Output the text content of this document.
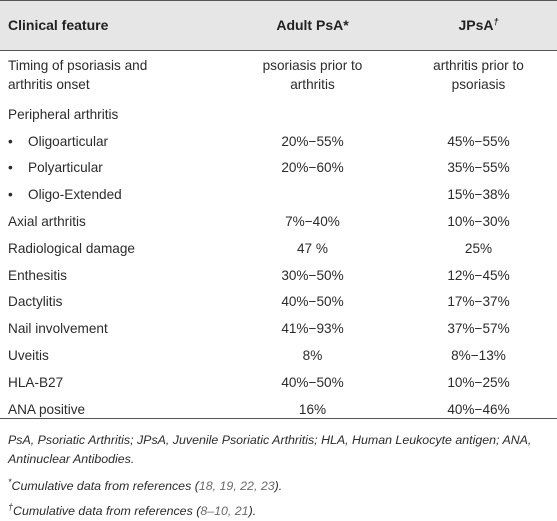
Clinical feature	Adult PsA*	JPsA†
Timing of psoriasis and arthritis onset	psoriasis prior to arthritis	arthritis prior to psoriasis

Peripheral arthritis		
• Oligoarticular	20%−55%	45%−55%
• Polyarticular	20%−60%	35%−55%
• Oligo-Extended		15%−38%
Axial arthritis	7%−40%	10%−30%
Radiological damage	47 %	25%
Enthesitis	30%−50%	12%−45%
Dactylitis	40%−50%	17%−37%
Nail involvement	41%−93%	37%−57%
Uveitis	8%	8%−13%
HLA-B27	40%−50%	10%−25%
ANA positive	16%	40%−46%

PsA, Psoriatic Arthritis; JPsA, Juvenile Psoriatic Arthritis; HLA, Human Leukocyte antigen; ANA, Antinuclear Antibodies.

*Cumulative data from references (18, 19, 22, 23).

†Cumulative data from references (8–10, 21).
